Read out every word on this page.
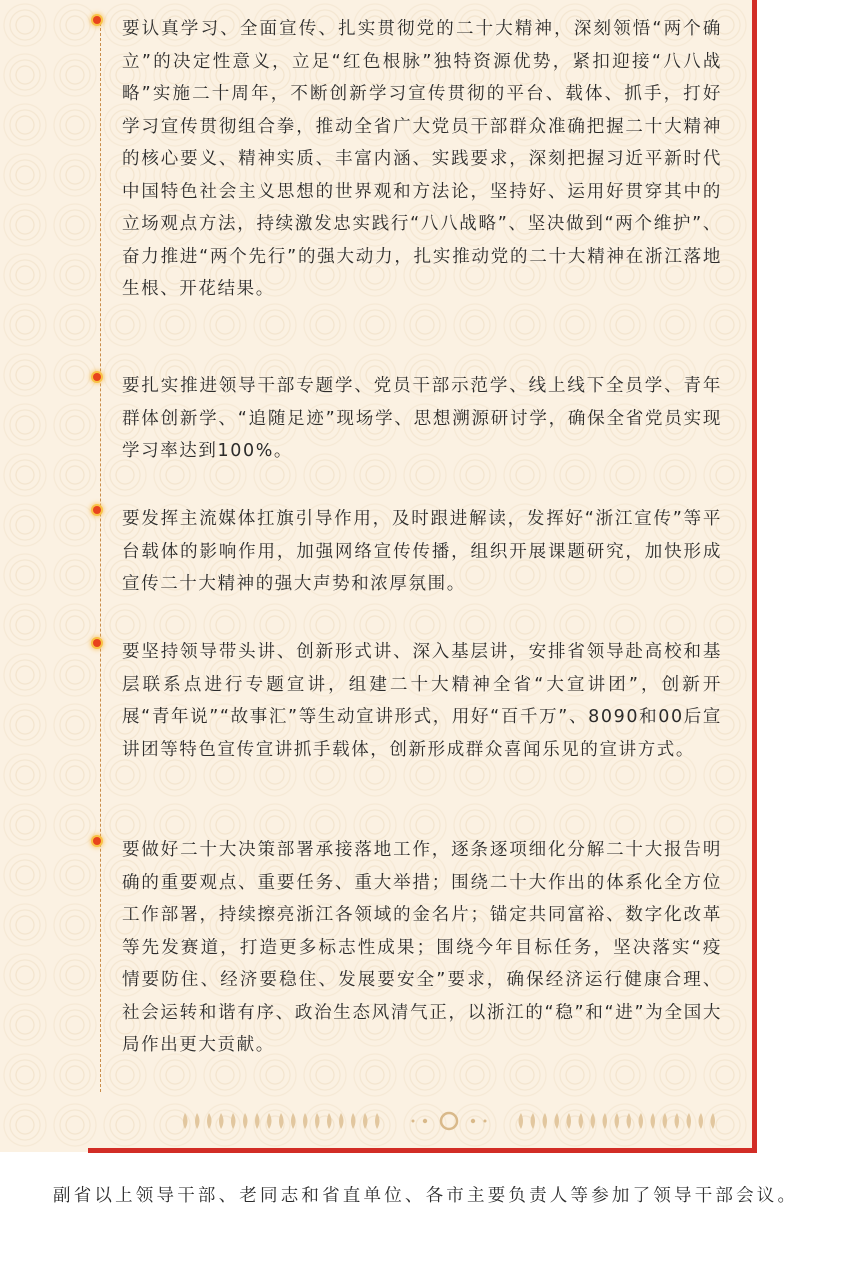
要认真学习、全面宣传、扎实贯彻党的二十大精神，深刻领悟“两个确立”的决定性意义，立足“红色根脉”独特资源优势，紧扣迎接“八八战略”实施二十周年，不断创新学习宣传贯彻的平台、载体、抓手，打好学习宣传贯彻组合拳，推动全省广大党员干部群众准确把握二十大精神的核心要义、精神实质、丰富内涵、实践要求，深刻把握习近平新时代中国特色社会主义思想的世界观和方法论，坚持好、运用好贯穿其中的立场观点方法，持续激发忠实践行“八八战略”、坚决做到“两个维护”、奋力推进“两个先行”的强大动力，扎实推动党的二十大精神在浙江落地生根、开花结果。

要扎实推进领导干部专题学、党员干部示范学、线上线下全员学、青年群体创新学、“追随足迹”现场学、思想溯源研讨学，确保全省党员实现学习率达到100%。

要发挥主流媒体扛旗引导作用，及时跟进解读，发挥好“浙江宣传”等平台载体的影响作用，加强网络宣传传播，组织开展课题研究，加快形成宣传二十大精神的强大声势和浓厚氛围。

要坚持领导带头讲、创新形式讲、深入基层讲，安排省领导赴高校和基层联系点进行专题宣讲，组建二十大精神全省“大宣讲团”，创新开展“青年说”“故事汇”等生动宣讲形式，用好“百千万”、8090和00后宣讲团等特色宣传宣讲抓手载体，创新形成群众喜闻乐见的宣讲方式。

要做好二十大决策部署承接落地工作，逐条逐项细化分解二十大报告明确的重要观点、重要任务、重大举措；围绕二十大作出的体系化全方位工作部署，持续擦亮浙江各领域的金名片；锚定共同富裕、数字化改革等先发赛道，打造更多标志性成果；围绕今年目标任务，坚决落实“疫情要防住、经济要稳住、发展要安全”要求，确保经济运行健康合理、社会运转和谐有序、政治生态风清气正，以浙江的“稳”和“进”为全国大局作出更大贡献。

副省以上领导干部、老同志和省直单位、各市主要负责人等参加了领导干部会议。
